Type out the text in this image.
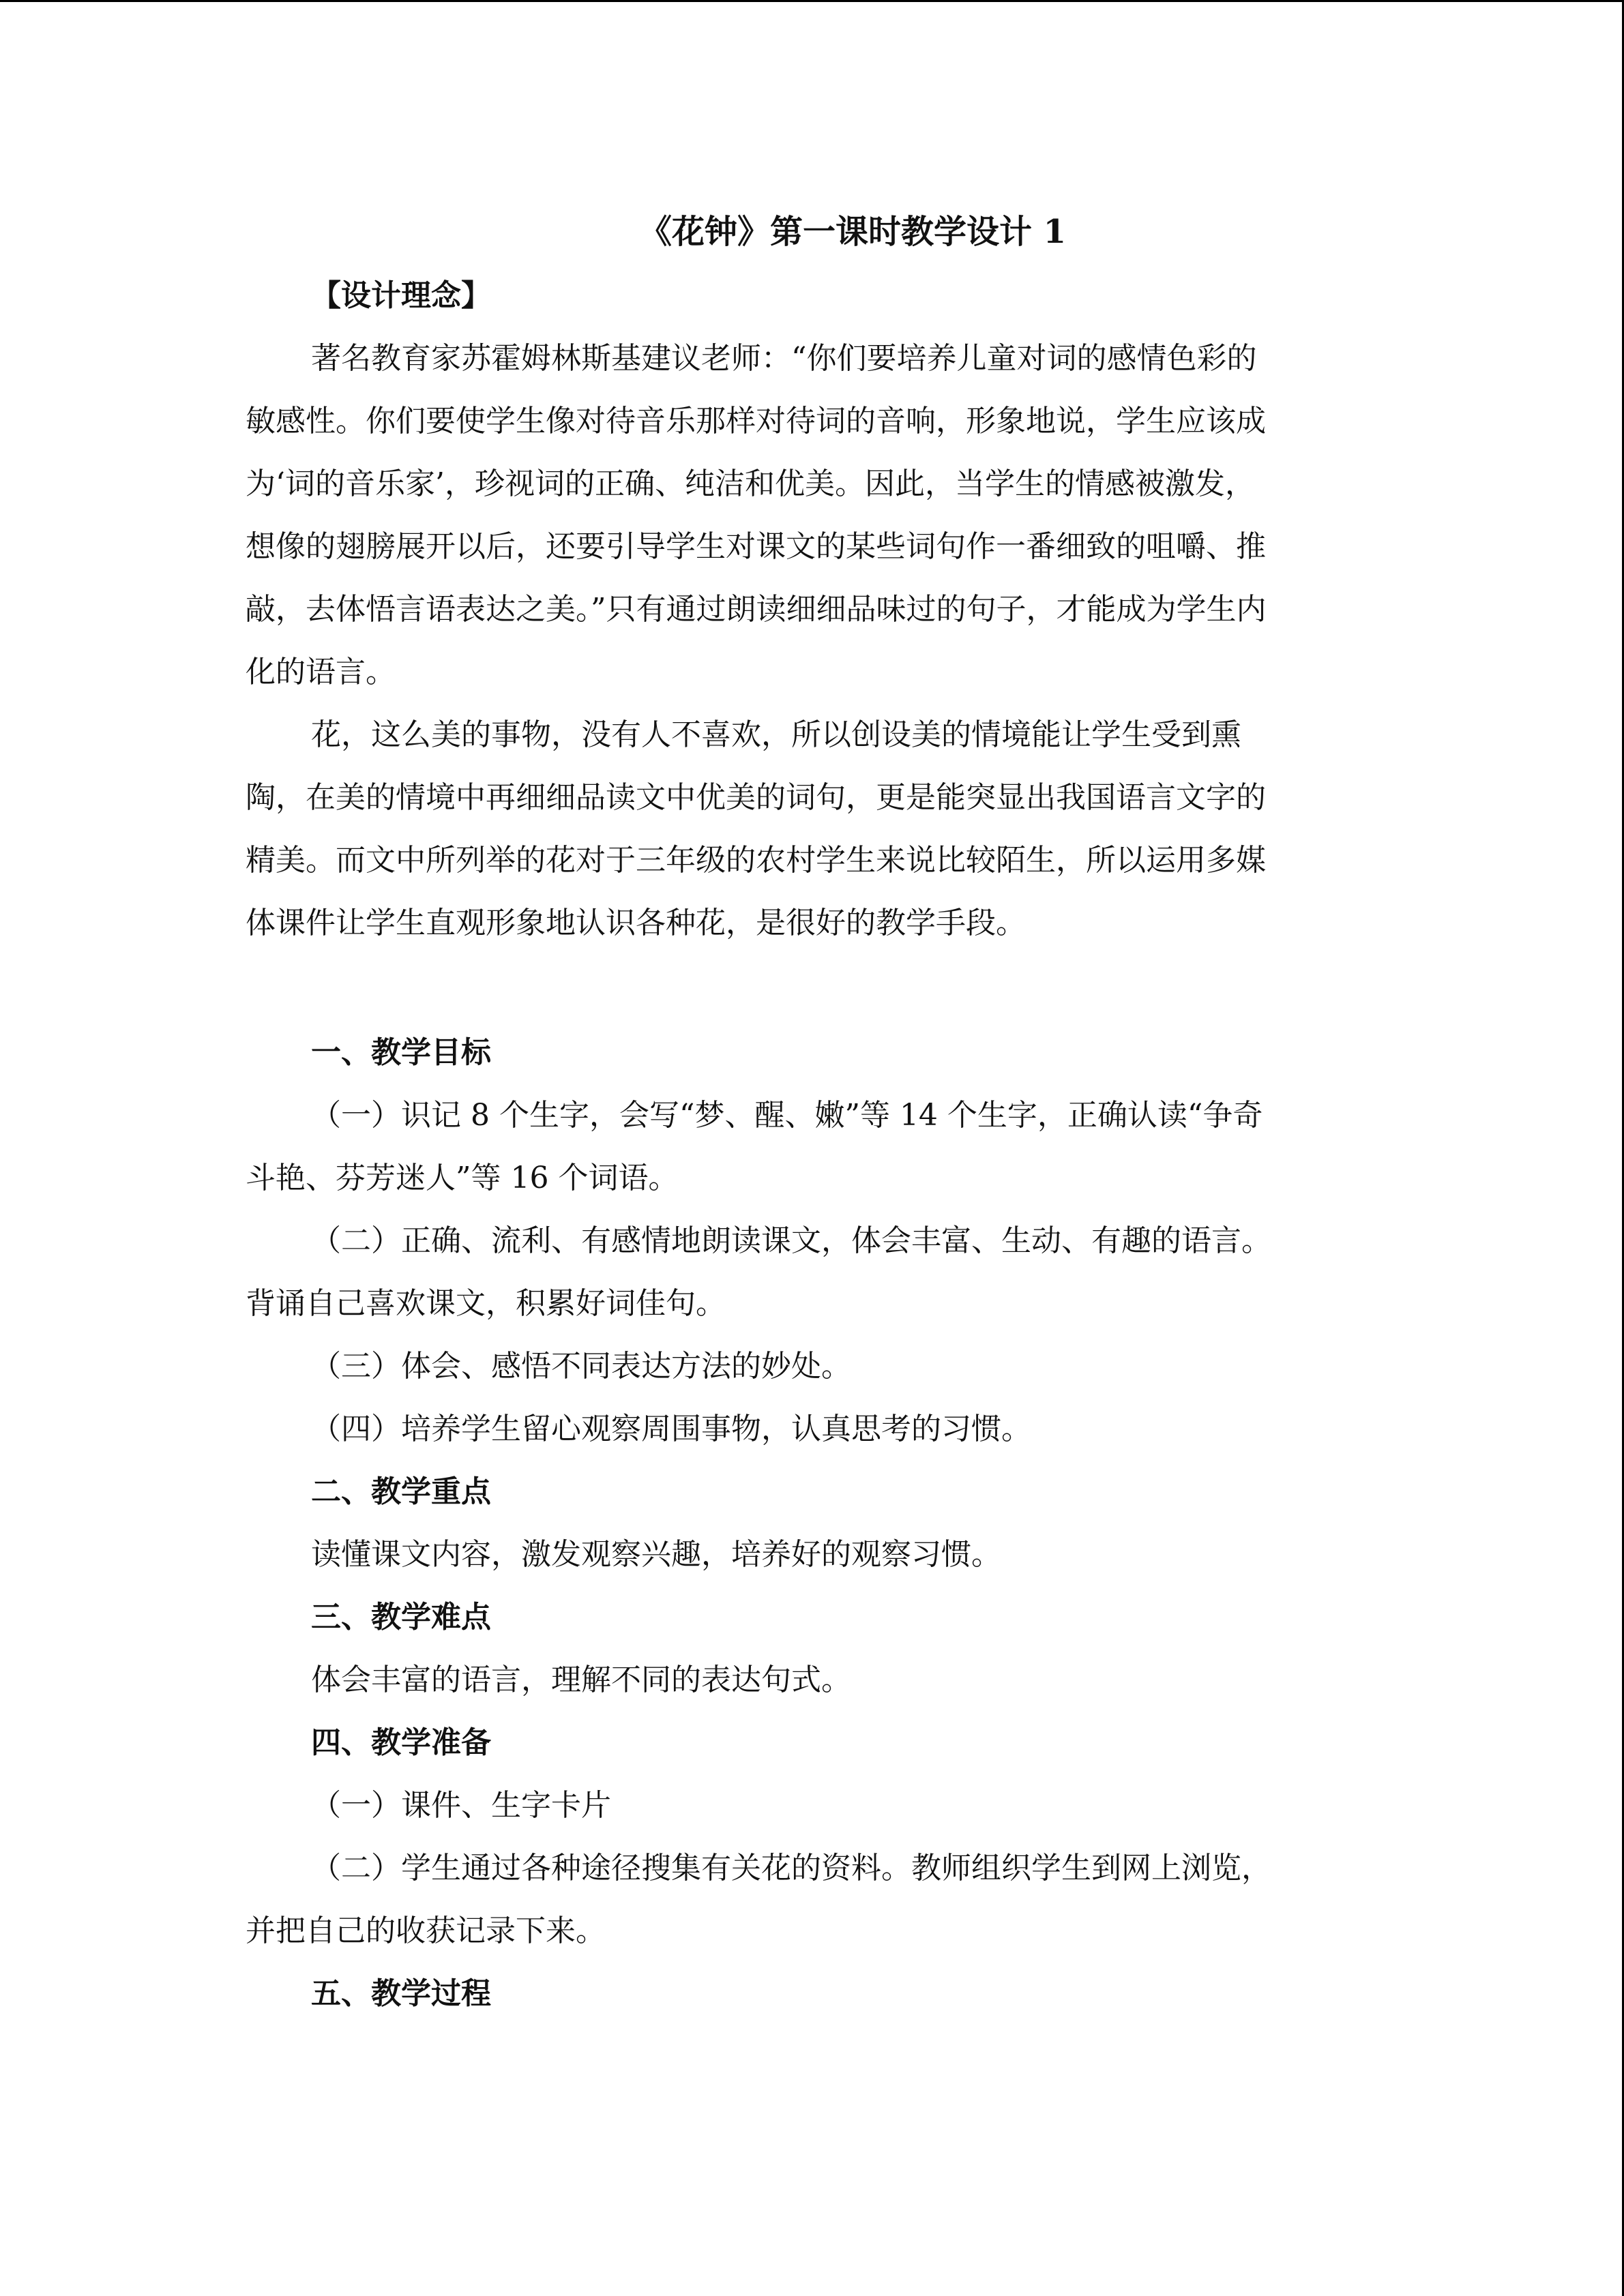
《花钟》第一课时教学设计 1

【设计理念】

著名教育家苏霍姆林斯基建议老师：“你们要培养儿童对词的感情色彩的

敏感性。你们要使学生像对待音乐那样对待词的音响，形象地说，学生应该成

为‘词的音乐家’，珍视词的正确、纯洁和优美。因此，当学生的情感被激发，

想像的翅膀展开以后，还要引导学生对课文的某些词句作一番细致的咀嚼、推

敲，去体悟言语表达之美。”只有通过朗读细细品味过的句子，才能成为学生内

化的语言。

花，这么美的事物，没有人不喜欢，所以创设美的情境能让学生受到熏

陶，在美的情境中再细细品读文中优美的词句，更是能突显出我国语言文字的

精美。而文中所列举的花对于三年级的农村学生来说比较陌生，所以运用多媒

体课件让学生直观形象地认识各种花，是很好的教学手段。

一、教学目标

（一）识记 8 个生字，会写“梦、醒、嫩”等 14 个生字，正确认读“争奇

斗艳、芬芳迷人”等 16 个词语。

（二）正确、流利、有感情地朗读课文，体会丰富、生动、有趣的语言。

背诵自己喜欢课文，积累好词佳句。

（三）体会、感悟不同表达方法的妙处。

（四）培养学生留心观察周围事物，认真思考的习惯。

二、教学重点

读懂课文内容，激发观察兴趣，培养好的观察习惯。

三、教学难点

体会丰富的语言，理解不同的表达句式。

四、教学准备

（一）课件、生字卡片

（二）学生通过各种途径搜集有关花的资料。教师组织学生到网上浏览，

并把自己的收获记录下来。

五、教学过程
